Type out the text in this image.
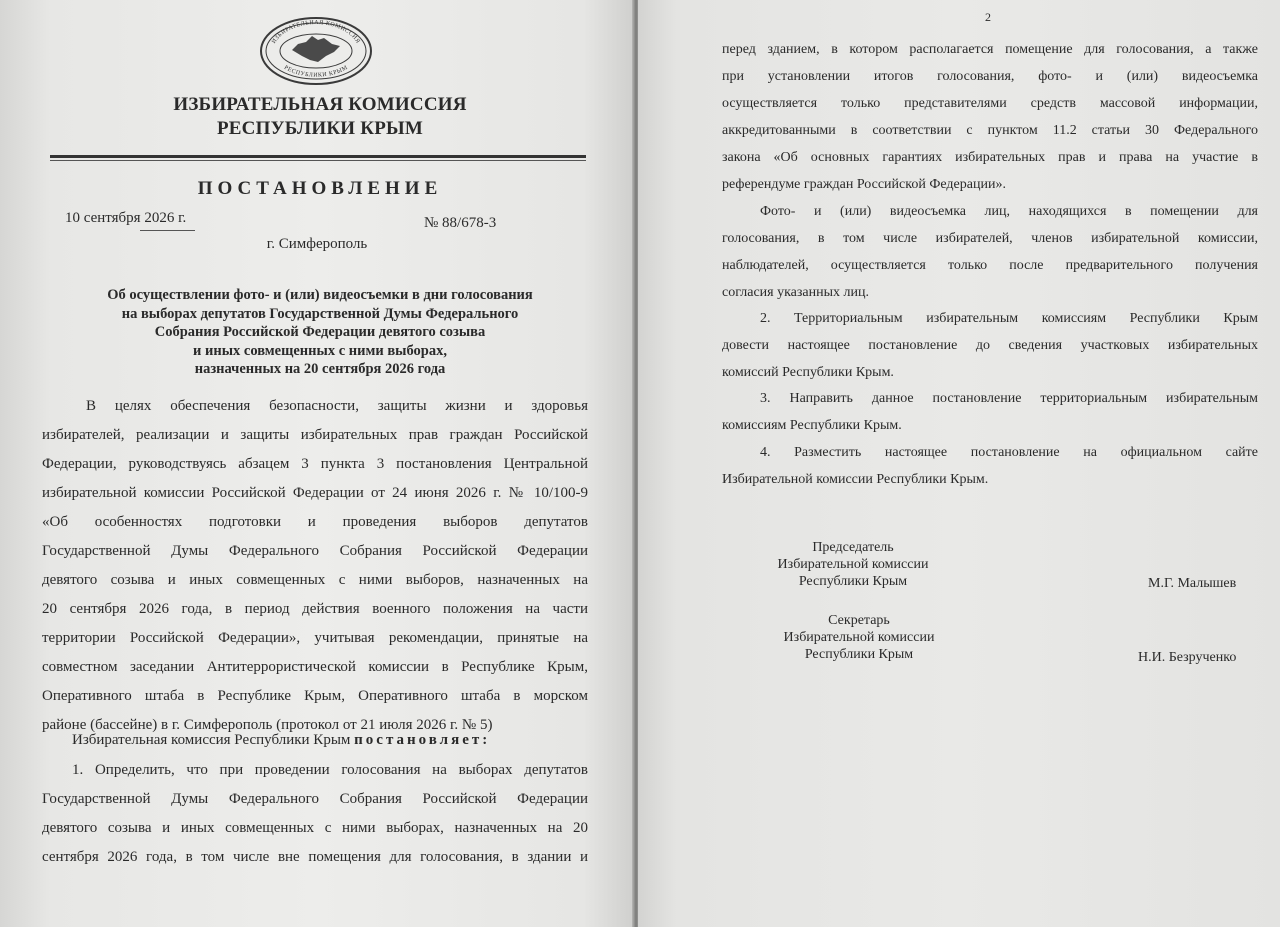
ИЗБИРАТЕЛЬНАЯ КОМИССИЯ
РЕСПУБЛИКИ КРЫМ
ИЗБИРАТЕЛЬНАЯ КОМИССИЯ
РЕСПУБЛИКИ КРЫМ
ПОСТАНОВЛЕНИЕ
10 сентября 2026 г.	№ 88/678-3
г. Симферополь
Об осуществлении фото- и (или) видеосъемки в дни голосования
на выборах депутатов Государственной Думы Федерального
Собрания Российской Федерации девятого созыва
и иных совмещенных с ними выборах,
назначенных на 20 сентября 2026 года
В целях обеспечения безопасности, защиты жизни и здоровья
избирателей, реализации и защиты избирательных прав граждан Российской
Федерации, руководствуясь абзацем 3 пункта 3 постановления Центральной
избирательной комиссии Российской Федерации от 24 июня 2026 г. № 10/100-9
«Об особенностях подготовки и проведения выборов депутатов
Государственной Думы Федерального Собрания Российской Федерации
девятого созыва и иных совмещенных с ними выборов, назначенных на
20 сентября 2026 года, в период действия военного положения на части
территории Российской Федерации», учитывая рекомендации, принятые на
совместном заседании Антитеррористической комиссии в Республике Крым,
Оперативного штаба в Республике Крым, Оперативного штаба в морском
районе (бассейне) в г. Симферополь (протокол от 21 июля 2026 г. № 5)
Избирательная комиссия Республики Крым постановляет:
1. Определить, что при проведении голосования на выборах депутатов
Государственной Думы Федерального Собрания Российской Федерации
девятого созыва и иных совмещенных с ними выборах, назначенных на 20
сентября 2026 года, в том числе вне помещения для голосования, в здании и
2
перед зданием, в котором располагается помещение для голосования, а также
при установлении итогов голосования, фото- и (или) видеосъемка
осуществляется только представителями средств массовой информации,
аккредитованными в соответствии с пунктом 11.2 статьи 30 Федерального
закона «Об основных гарантиях избирательных прав и права на участие в
референдуме граждан Российской Федерации».
Фото- и (или) видеосъемка лиц, находящихся в помещении для
голосования, в том числе избирателей, членов избирательной комиссии,
наблюдателей, осуществляется только после предварительного получения
согласия указанных лиц.
2. Территориальным избирательным комиссиям Республики Крым
довести настоящее постановление до сведения участковых избирательных
комиссий Республики Крым.
3. Направить данное постановление территориальным избирательным
комиссиям Республики Крым.
4. Разместить настоящее постановление на официальном сайте
Избирательной комиссии Республики Крым.
Председатель
Избирательной комиссии
Республики Крым	М.Г. Малышев
Секретарь
Избирательной комиссии
Республики Крым	Н.И. Безрученко
